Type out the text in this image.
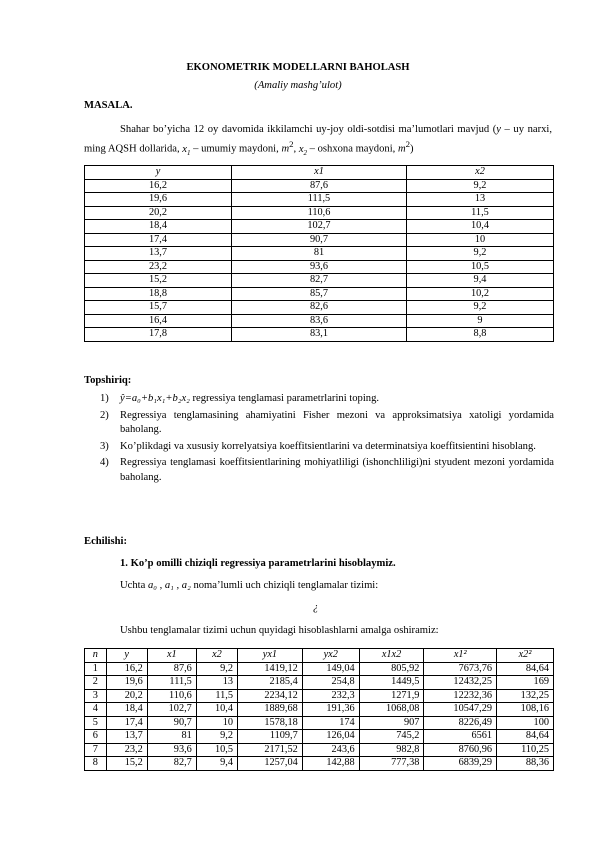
EKONOMETRIK MODELLARNI BAHOLASH
(Amaliy mashg’ulot)
MASALA.
Shahar bo’yicha 12 oy davomida ikkilamchi uy-joy oldi-sotdisi ma’lumotlari mavjud (y – uy narxi, ming AQSH dollarida, $x_1$ – umumiy maydoni, $m^2$, $x_2$ – oshxona maydoni, $m^2$)
y	x1	x2
16,2	87,6	9,2
19,6	111,5	13
20,2	110,6	11,5
18,4	102,7	10,4
17,4	90,7	10
13,7	81	9,2
23,2	93,6	10,5
15,2	82,7	9,4
18,8	85,7	10,2
15,7	82,6	9,2
16,4	83,6	9
17,8	83,1	8,8
Topshiriq:
1) ŷ=a₀+b₁x₁+b₂x₂ regressiya tenglamasi parametrlarini toping.
2) Regressiya tenglamasining ahamiyatini Fisher mezoni va approksimatsiya xatoligi yordamida baholang.
3) Ko’plikdagi va xususiy korrelyatsiya koeffitsientlarini va determinatsiya koeffitsientini hisoblang.
4) Regressiya tenglamasi koeffitsientlarining mohiyatliligi (ishonchliligi)ni styudent mezoni yordamida baholang.
Echilishi:
1. Ko’p omilli chiziqli regressiya parametrlarini hisoblaymiz.
Uchta a₀ , a₁ , a₂ noma’lumli uch chiziqli tenglamalar tizimi:
¿
Ushbu tenglamalar tizimi uchun quyidagi hisoblashlarni amalga oshiramiz:
n	y	x1	x2	yx1	yx2	x1x2	x1²	x2²
1	16,2	87,6	9,2	1419,12	149,04	805,92	7673,76	84,64
2	19,6	111,5	13	2185,4	254,8	1449,5	12432,25	169
3	20,2	110,6	11,5	2234,12	232,3	1271,9	12232,36	132,25
4	18,4	102,7	10,4	1889,68	191,36	1068,08	10547,29	108,16
5	17,4	90,7	10	1578,18	174	907	8226,49	100
6	13,7	81	9,2	1109,7	126,04	745,2	6561	84,64
7	23,2	93,6	10,5	2171,52	243,6	982,8	8760,96	110,25
8	15,2	82,7	9,4	1257,04	142,88	777,38	6839,29	88,36
